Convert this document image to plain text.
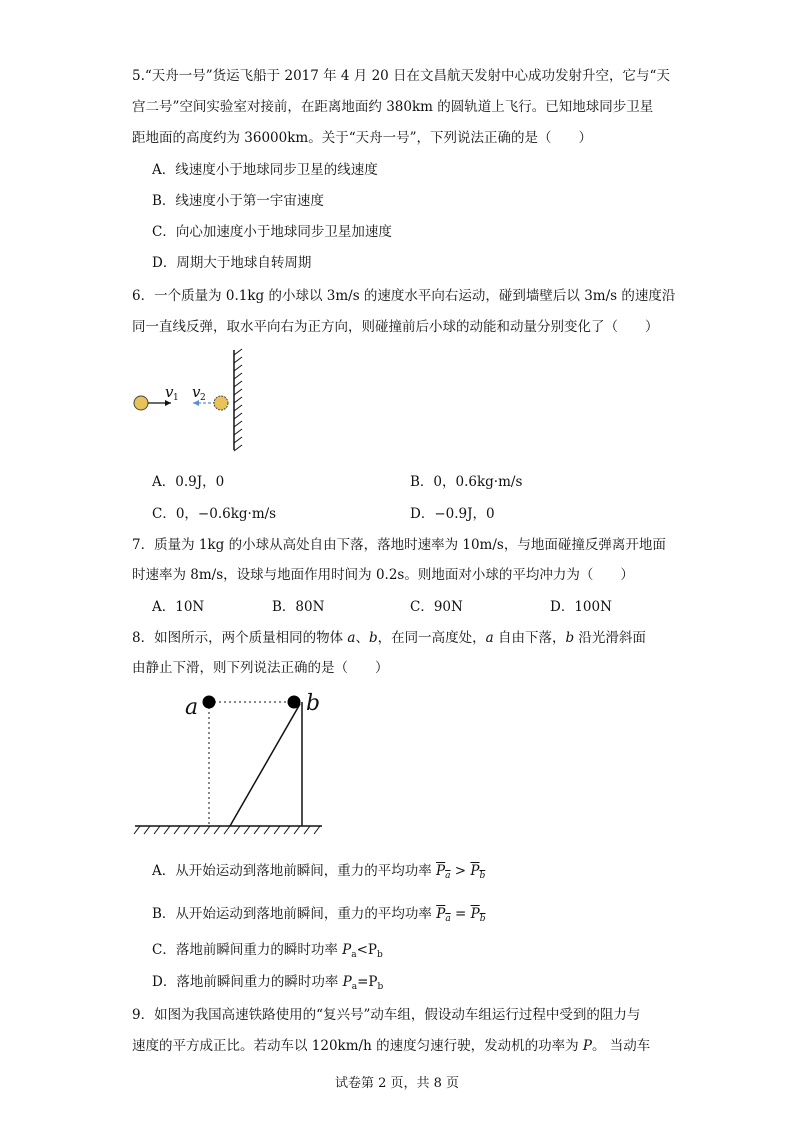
5.“天舟一号”货运飞船于 2017 年 4 月 20 日在文昌航天发射中心成功发射升空，它与“天
宫二号”空间实验室对接前，在距离地面约 380km 的圆轨道上飞行。已知地球同步卫星
距地面的高度约为 36000km。关于“天舟一号”，下列说法正确的是（　　）
A．线速度小于地球同步卫星的线速度
B．线速度小于第一宇宙速度
C．向心加速度小于地球同步卫星加速度
D．周期大于地球自转周期
6．一个质量为 0.1kg 的小球以 3m/s 的速度水平向右运动，碰到墙壁后以 3m/s 的速度沿
同一直线反弹，取水平向右为正方向，则碰撞前后小球的动能和动量分别变化了（　　）
v 1 v 2
A．0.9J，0	B．0，0.6kg·m/s
C．0，−0.6kg·m/s	D．−0.9J，0
7．质量为 1kg 的小球从高处自由下落，落地时速率为 10m/s，与地面碰撞反弹离开地面
时速率为 8m/s，设球与地面作用时间为 0.2s。则地面对小球的平均冲力为（　　）
A．10N	B．80N	C．90N	D．100N
8．如图所示，两个质量相同的物体 a、b，在同一高度处，a 自由下落，b 沿光滑斜面
由静止下滑，则下列说法正确的是（　　）
a	b
A．从开始运动到落地前瞬间，重力的平均功率 $P_a > P_b$
B．从开始运动到落地前瞬间，重力的平均功率 $P_a = P_b$
C．落地前瞬间重力的瞬时功率 $P_a<P_b$
D．落地前瞬间重力的瞬时功率 $P_a=P_b$
9．如图为我国高速铁路使用的“复兴号”动车组，假设动车组运行过程中受到的阻力与
速度的平方成正比。若动车以 120km/h 的速度匀速行驶，发动机的功率为 P。 当动车
试卷第 2 页，共 8 页
